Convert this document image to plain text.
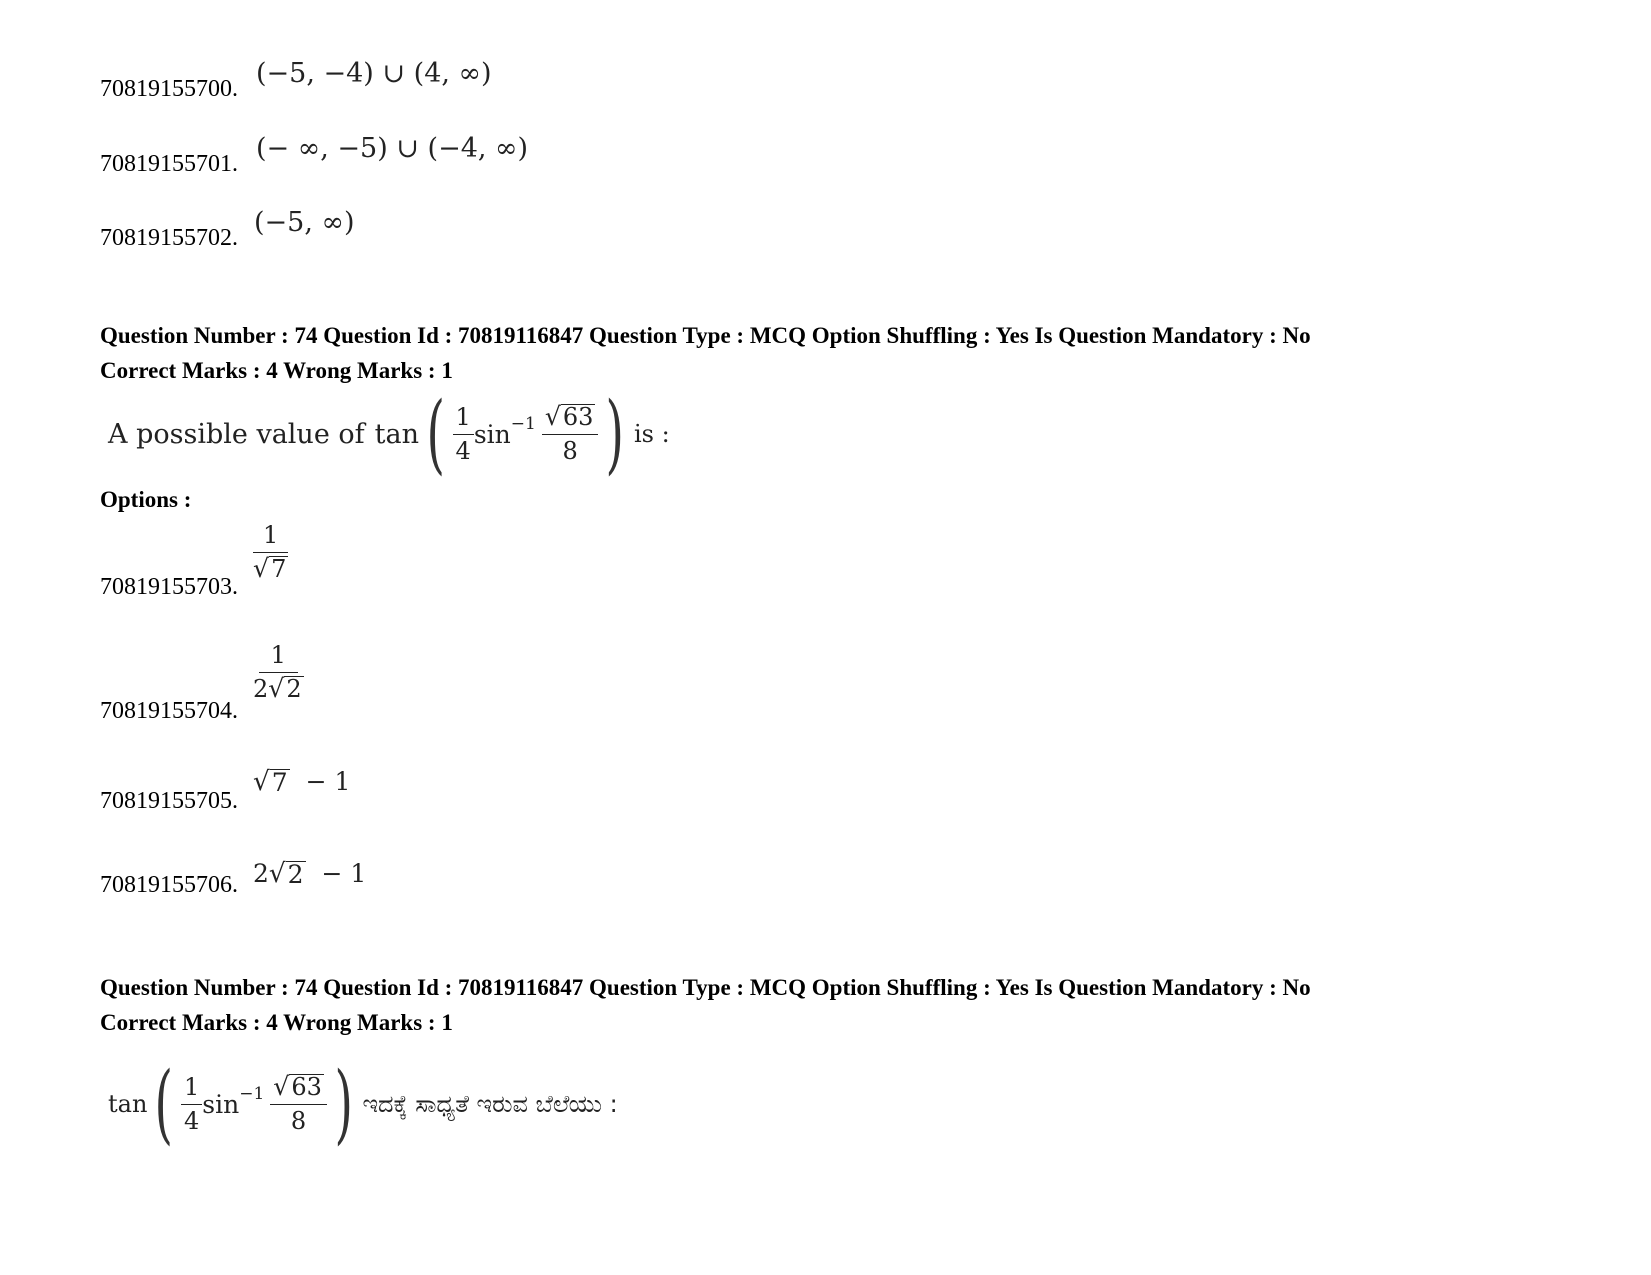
70819155700. (−5, −4) ∪ (4, ∞)
70819155701. (− ∞, −5) ∪ (−4, ∞)
70819155702. (−5, ∞)
Question Number : 74 Question Id : 70819116847 Question Type : MCQ Option Shuffling : Yes Is Question Mandatory : No
Correct Marks : 4 Wrong Marks : 1
A possible value of tan ( $\frac{1}{4} \sin^{-1} \frac{√ 63}{8}$ ) is :
Options :
70819155703.
$\frac{1}{√ 7}$
70819155704.
$\frac{1}{2 √ 2}$
70819155705.
√ 7 − 1
70819155706. 2 √ 2 − 1
Question Number : 74 Question Id : 70819116847 Question Type : MCQ Option Shuffling : Yes Is Question Mandatory : No
Correct Marks : 4 Wrong Marks : 1
tan ( $\frac{1}{4} \sin^{-1} \frac{√ 63}{8}$ ) ಇದಕ್ಕೆ ಸಾಧ್ಯತೆ ಇರುವ ಬೆಲೆಯು :
